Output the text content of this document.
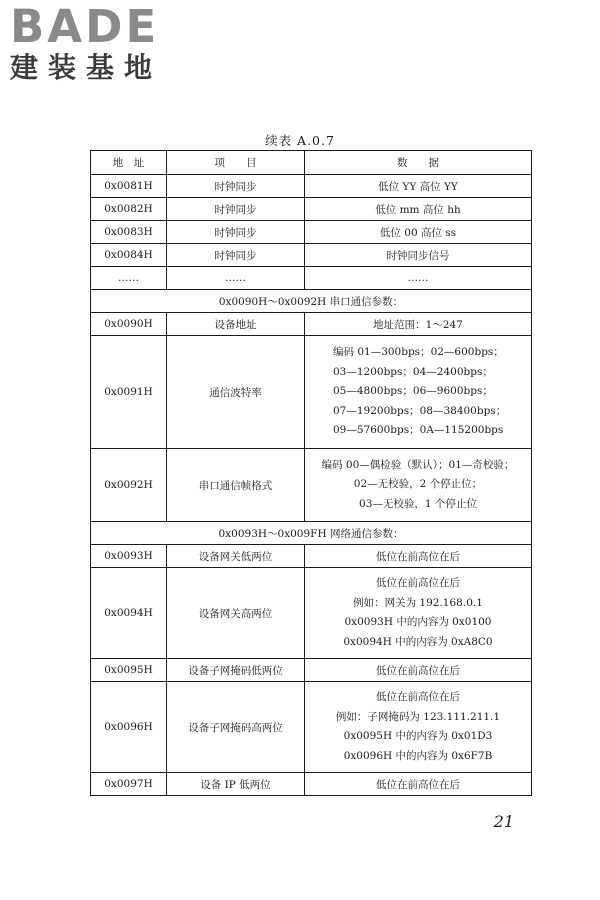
BADE
建装基地
续表 A.0.7
地　址	项　　目	数　　据
0x0081H	时钟同步	低位 YY 高位 YY
0x0082H	时钟同步	低位 mm 高位 hh
0x0083H	时钟同步	低位 00 高位 ss
0x0084H	时钟同步	时钟同步信号
……	……	……
0x0090H～0x0092H 串口通信参数：		
0x0090H	设备地址	地址范围：1～247
0x0091H	通信波特率	编码 01—300bps；02—600bps；
03—1200bps；04—2400bps；
05—4800bps；06—9600bps；
07—19200bps；08—38400bps；
09—57600bps；0A—115200bps

0x0092H	串口通信帧格式	编码 00—偶检验（默认）；01—奇校验；
02—无校验，2 个停止位；
03—无校验，1 个停止位

0x0093H～0x009FH 网络通信参数：		
0x0093H	设备网关低两位	低位在前高位在后
0x0094H	设备网关高两位	低位在前高位在后
例如：网关为 192.168.0.1
0x0093H 中的内容为 0x0100
0x0094H 中的内容为 0xA8C0

0x0095H	设备子网掩码低两位	低位在前高位在后
0x0096H	设备子网掩码高两位	低位在前高位在后
例如：子网掩码为 123.111.211.1
0x0095H 中的内容为 0x01D3
0x0096H 中的内容为 0x6F7B

0x0097H	设备 IP 低两位	低位在前高位在后
21
